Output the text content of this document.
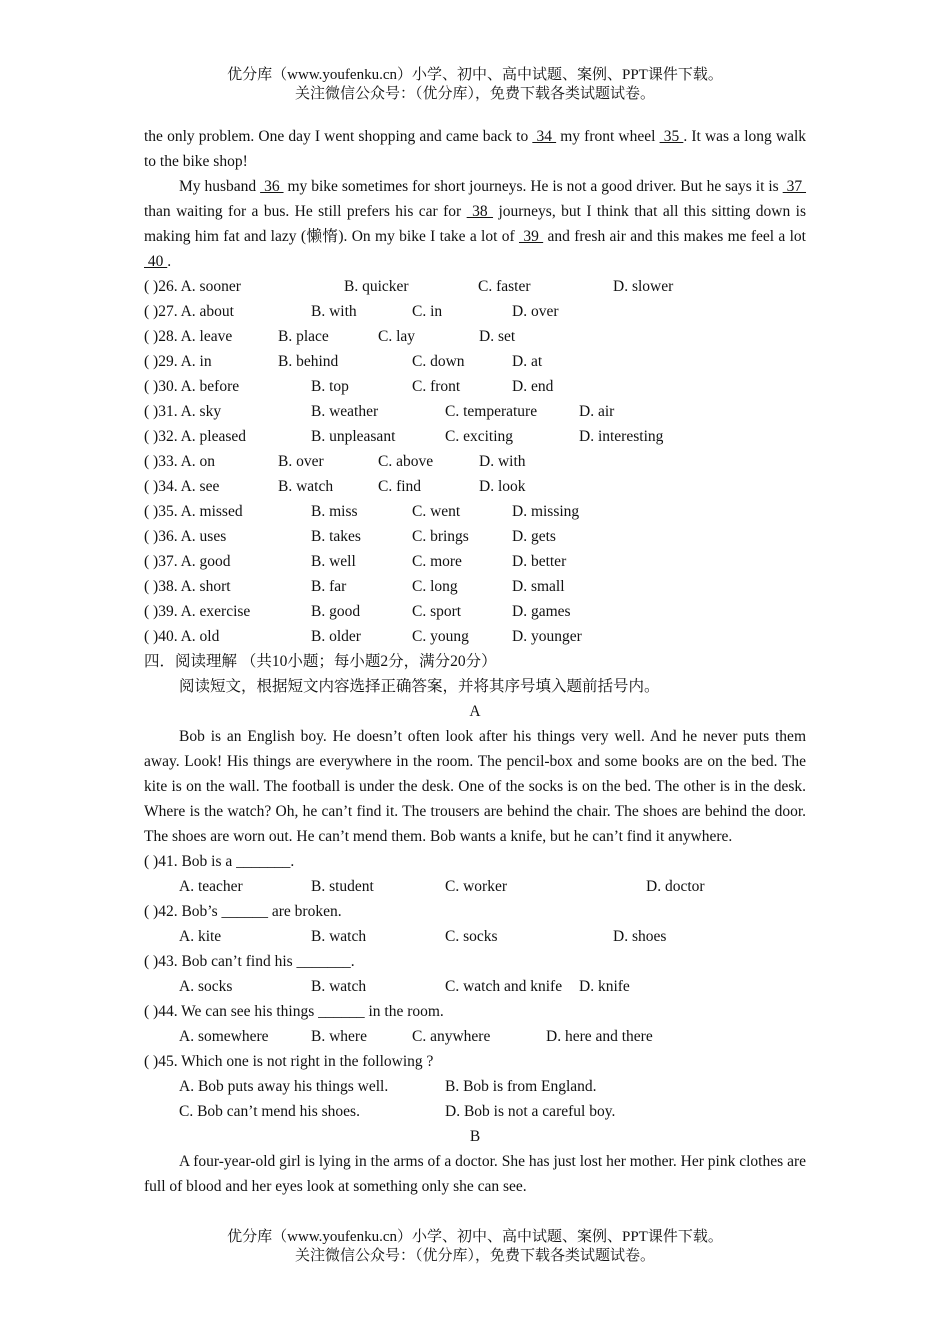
优分库（www.youfenku.cn）小学、初中、高中试题、案例、PPT课件下载。
关注微信公众号：（优分库），免费下载各类试题试卷。

the only problem. One day I went shopping and came back to  34  my front wheel  35 . It was a long walk to the bike shop!

My husband  36  my bike sometimes for short journeys. He is not a good driver. But he says it is  37  than waiting for a bus. He still prefers his car for  38  journeys, but I think that all this sitting down is making him fat and lazy (懒惰). On my bike I take a lot of  39  and fresh air and this makes me feel a lot  40 .

( )26. A. sooner	B. quicker	C. faster	D. slower
( )27. A. about	B. with	C. in	D. over
( )28. A. leave	B. place	C. lay	D. set
( )29. A. in	B. behind	C. down	D. at
( )30. A. before	B. top	C. front	D. end
( )31. A. sky	B. weather	C. temperature	D. air
( )32. A. pleased	B. unpleasant	C. exciting	D. interesting
( )33. A. on	B. over	C. above	D. with
( )34. A. see	B. watch	C. find	D. look
( )35. A. missed	B. miss	C. went	D. missing
( )36. A. uses	B. takes	C. brings	D. gets
( )37. A. good	B. well	C. more	D. better
( )38. A. short	B. far	C. long	D. small
( )39. A. exercise	B. good	C. sport	D. games
( )40. A. old	B. older	C. young	D. younger
四．阅读理解 （共10小题；每小题2分，满分20分）
阅读短文，根据短文内容选择正确答案，并将其序号填入题前括号内。
A

Bob is an English boy. He doesn’t often look after his things very well. And he never puts them away. Look! His things are everywhere in the room. The pencil-box and some books are on the bed. The kite is on the wall. The football is under the desk. One of the socks is on the bed. The other is in the desk. Where is the watch? Oh, he can’t find it. The trousers are behind the chair. The shoes are behind the door. The shoes are worn out. He can’t mend them. Bob wants a knife, but he can’t find it anywhere.

( )41. Bob is a _______.
A. teacher	B. student	C. worker	D. doctor
( )42. Bob’s ______ are broken.
A. kite	B. watch	C. socks	D. shoes
( )43. Bob can’t find his _______.
A. socks	B. watch	C. watch and knife D. knife
( )44. We can see his things ______ in the room.
A. somewhere	B. where	C. anywhere	D. here and there
( )45. Which one is not right in the following ?
A. Bob puts away his things well.	B. Bob is from England.
C. Bob can’t mend his shoes.	D. Bob is not a careful boy.
B

A four-year-old girl is lying in the arms of a doctor. She has just lost her mother. Her pink clothes are full of blood and her eyes look at something only she can see.

优分库（www.youfenku.cn）小学、初中、高中试题、案例、PPT课件下载。
关注微信公众号：（优分库），免费下载各类试题试卷。
